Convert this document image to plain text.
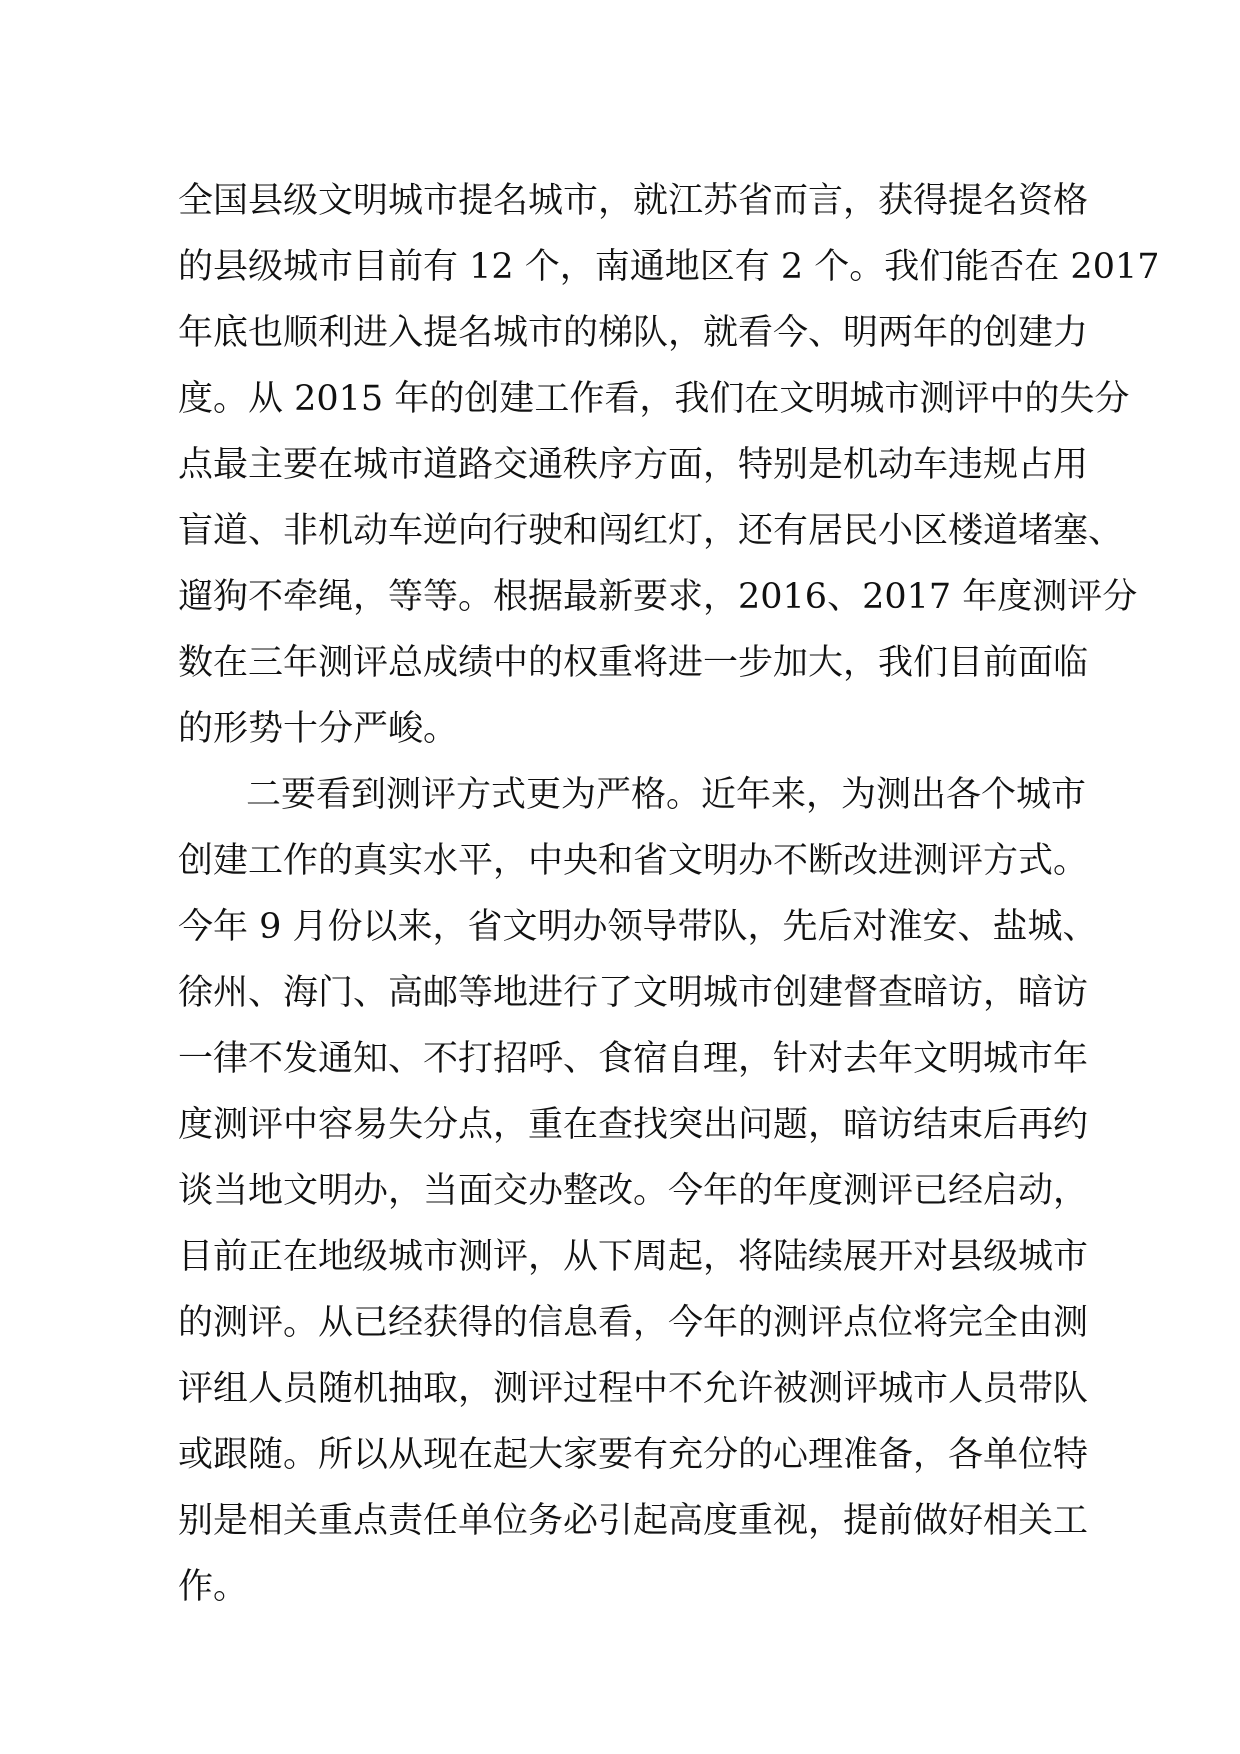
全国县级文明城市提名城市，就江苏省而言，获得提名资格

的县级城市目前有 12 个，南通地区有 2 个。我们能否在 2017

年底也顺利进入提名城市的梯队，就看今、明两年的创建力

度。从 2015 年的创建工作看，我们在文明城市测评中的失分

点最主要在城市道路交通秩序方面，特别是机动车违规占用

盲道、非机动车逆向行驶和闯红灯，还有居民小区楼道堵塞、

遛狗不牵绳，等等。根据最新要求，2016、2017 年度测评分

数在三年测评总成绩中的权重将进一步加大，我们目前面临

的形势十分严峻。

二要看到测评方式更为严格。近年来，为测出各个城市

创建工作的真实水平，中央和省文明办不断改进测评方式。

今年 9 月份以来，省文明办领导带队，先后对淮安、盐城、

徐州、海门、高邮等地进行了文明城市创建督查暗访，暗访

一律不发通知、不打招呼、食宿自理，针对去年文明城市年

度测评中容易失分点，重在查找突出问题，暗访结束后再约

谈当地文明办，当面交办整改。今年的年度测评已经启动，

目前正在地级城市测评，从下周起，将陆续展开对县级城市

的测评。从已经获得的信息看，今年的测评点位将完全由测

评组人员随机抽取，测评过程中不允许被测评城市人员带队

或跟随。所以从现在起大家要有充分的心理准备，各单位特

别是相关重点责任单位务必引起高度重视，提前做好相关工

作。
